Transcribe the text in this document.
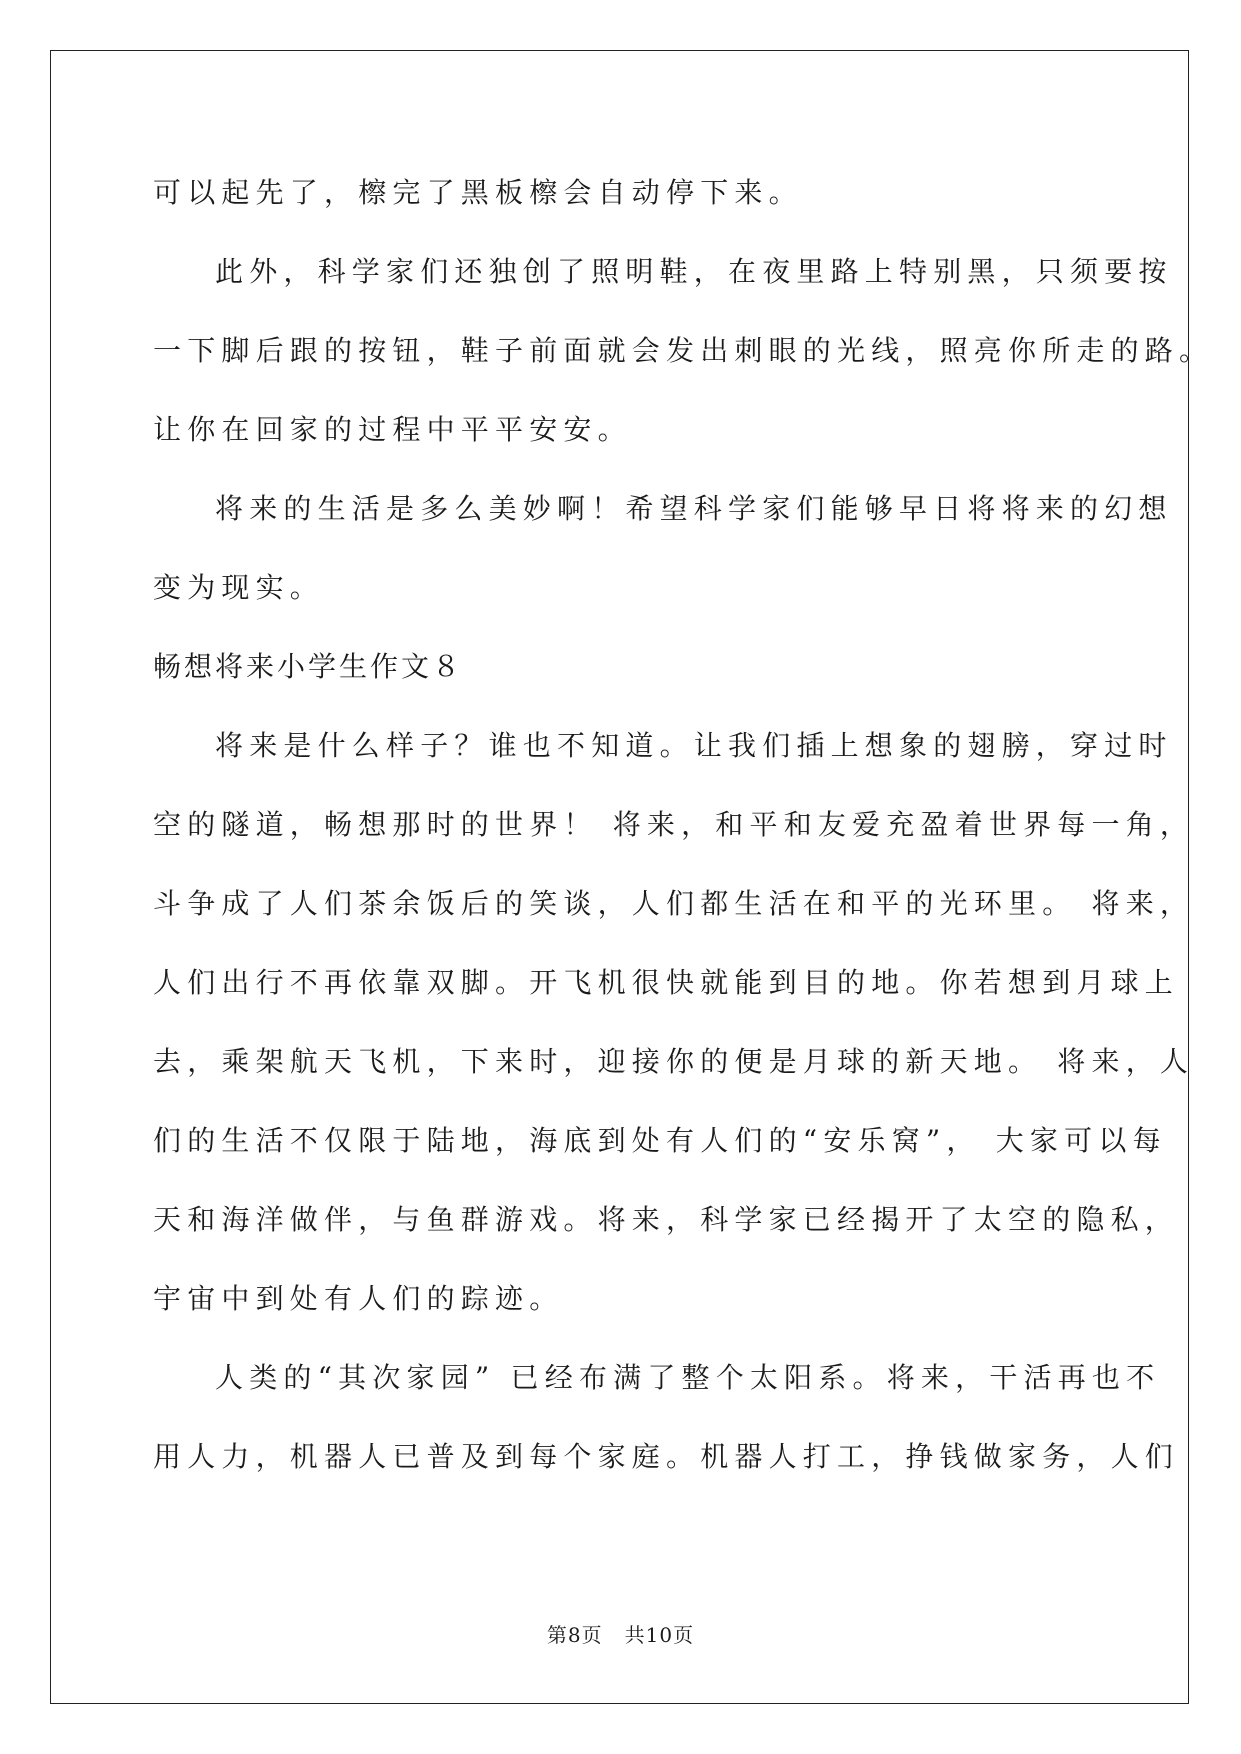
可以起先了，檫完了黑板檫会自动停下来。
此外，科学家们还独创了照明鞋，在夜里路上特别黑，只须要按
一下脚后跟的按钮，鞋子前面就会发出刺眼的光线，照亮你所走的路。
让你在回家的过程中平平安安。
将来的生活是多么美妙啊！希望科学家们能够早日将将来的幻想
变为现实。
畅想将来小学生作文８
将来是什么样子？谁也不知道。让我们插上想象的翅膀，穿过时
空的隧道，畅想那时的世界！ 将来，和平和友爱充盈着世界每一角，
斗争成了人们茶余饭后的笑谈，人们都生活在和平的光环里。 将来，
人们出行不再依靠双脚。开飞机很快就能到目的地。你若想到月球上
去，乘架航天飞机，下来时，迎接你的便是月球的新天地。 将来，人
们的生活不仅限于陆地，海底到处有人们的“安乐窝”， 大家可以每
天和海洋做伴，与鱼群游戏。将来，科学家已经揭开了太空的隐私，
宇宙中到处有人们的踪迹。
人类的“其次家园” 已经布满了整个太阳系。将来，干活再也不
用人力，机器人已普及到每个家庭。机器人打工，挣钱做家务，人们
第8页 共10页
